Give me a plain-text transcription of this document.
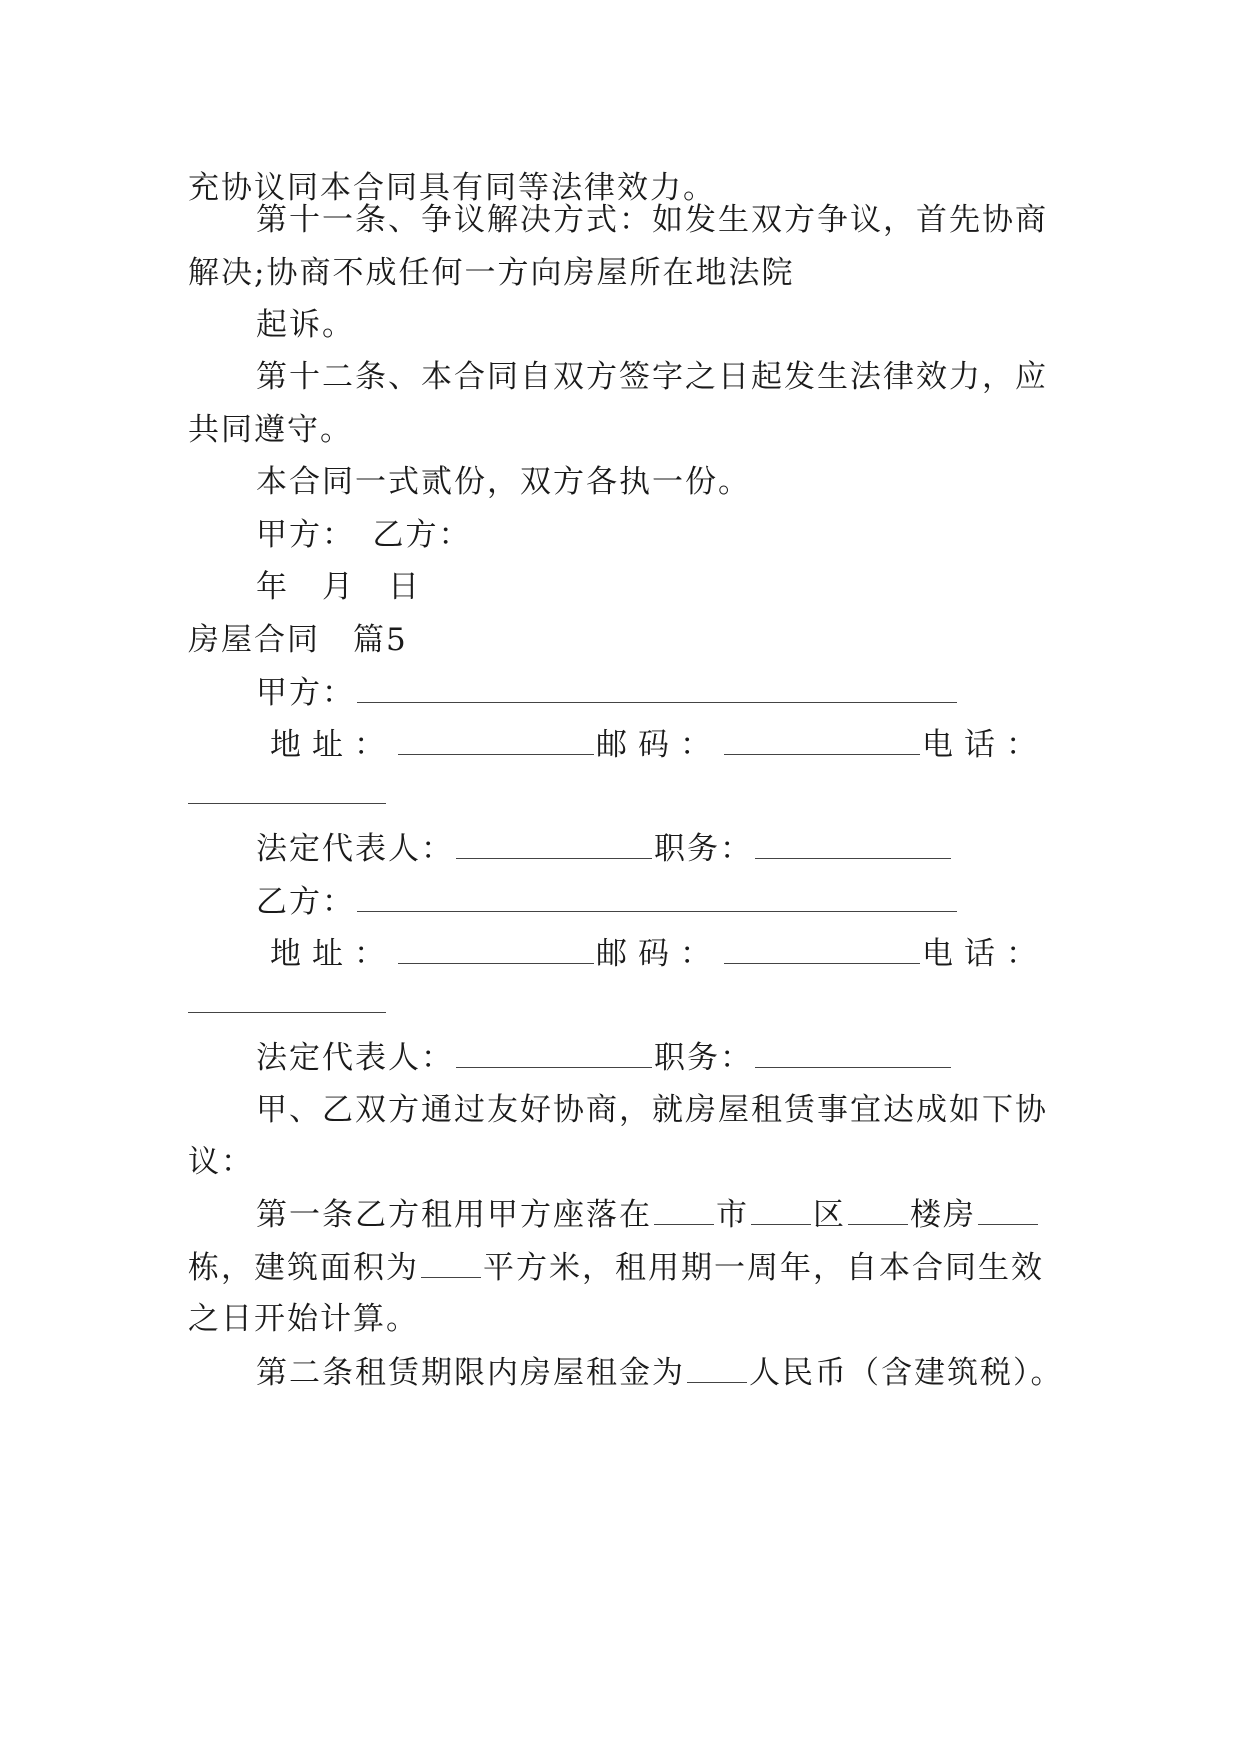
充协议同本合同具有同等法律效力。
第十一条、争议解决方式：如发生双方争议，首先协商
解决;协商不成任何一方向房屋所在地法院
起诉。
第十二条、本合同自双方签字之日起发生法律效力，应
共同遵守。
本合同一式贰份，双方各执一份。
甲方：　乙方：
年　月　日
房屋合同　篇5
甲方：
地址：	邮码：	电话：
法定代表人：	职务：
乙方：
地址：	邮码：	电话：
法定代表人：	职务：
甲、乙双方通过友好协商，就房屋租赁事宜达成如下协
议：
第一条乙方租用甲方座落在 市 区 楼房
栋，建筑面积为 平方米，租用期一周年，自本合同生效
之日开始计算。
第二条租赁期限内房屋租金为 人民币（含建筑税）。
